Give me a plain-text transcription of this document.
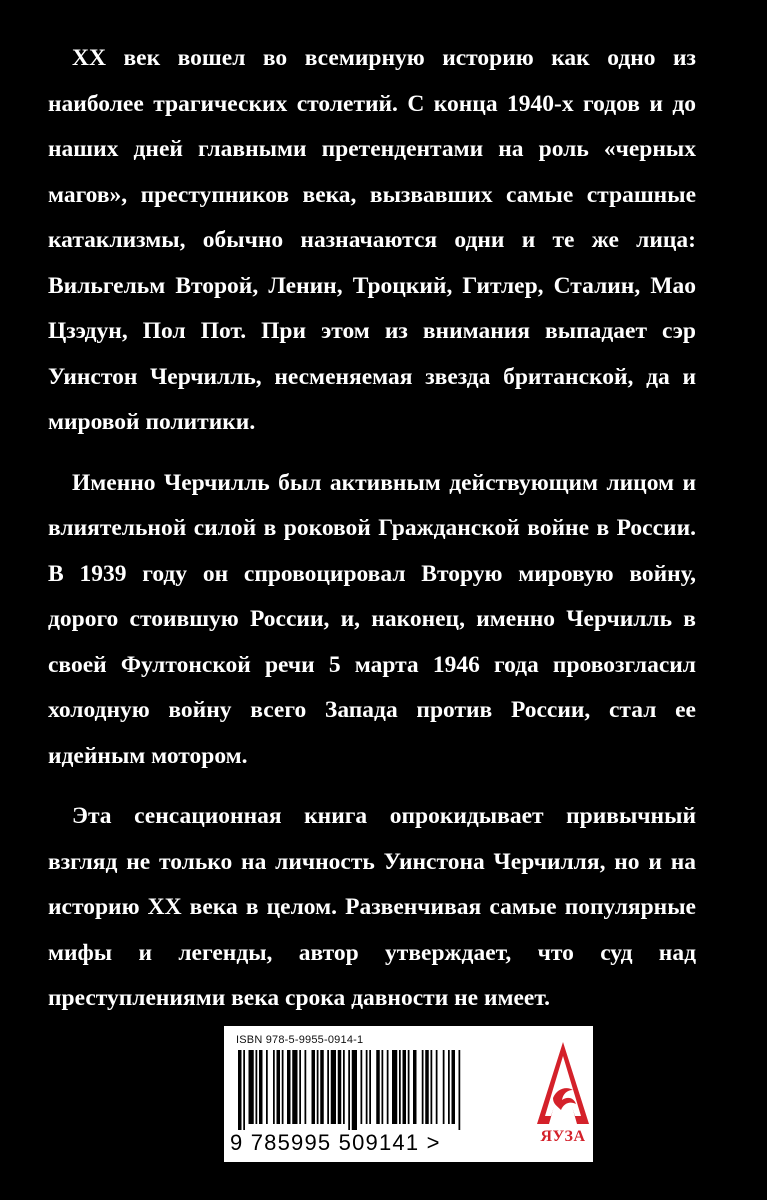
XX век вошел во всемирную историю как одно из наиболее трагических столетий. С конца 1940-х годов и до наших дней главными претендентами на роль «черных магов», преступников века, вызвавших самые страшные катаклизмы, обычно назначаются одни и те же лица: Вильгельм Второй, Ленин, Троцкий, Гитлер, Сталин, Мао Цзэдун, Пол Пот. При этом из внимания выпадает сэр Уинстон Черчилль, несменяемая звезда британской, да и мировой политики.

Именно Черчилль был активным действующим лицом и влиятельной силой в роковой Гражданской войне в России. В 1939 году он спровоцировал Вторую мировую войну, дорого стоившую России, и, наконец, именно Черчилль в своей Фултонской речи 5 марта 1946 года провозгласил холодную войну всего Запада против России, стал ее идейным мотором.

Эта сенсационная книга опрокидывает привычный взгляд не только на личность Уинстона Черчилля, но и на историю XX века в целом. Развенчивая самые популярные мифы и легенды, автор утверждает, что суд над преступлениями века срока давности не имеет.

ISBN 978-5-9955-0914-1
9 785995 509141 >	ЯУЗА
